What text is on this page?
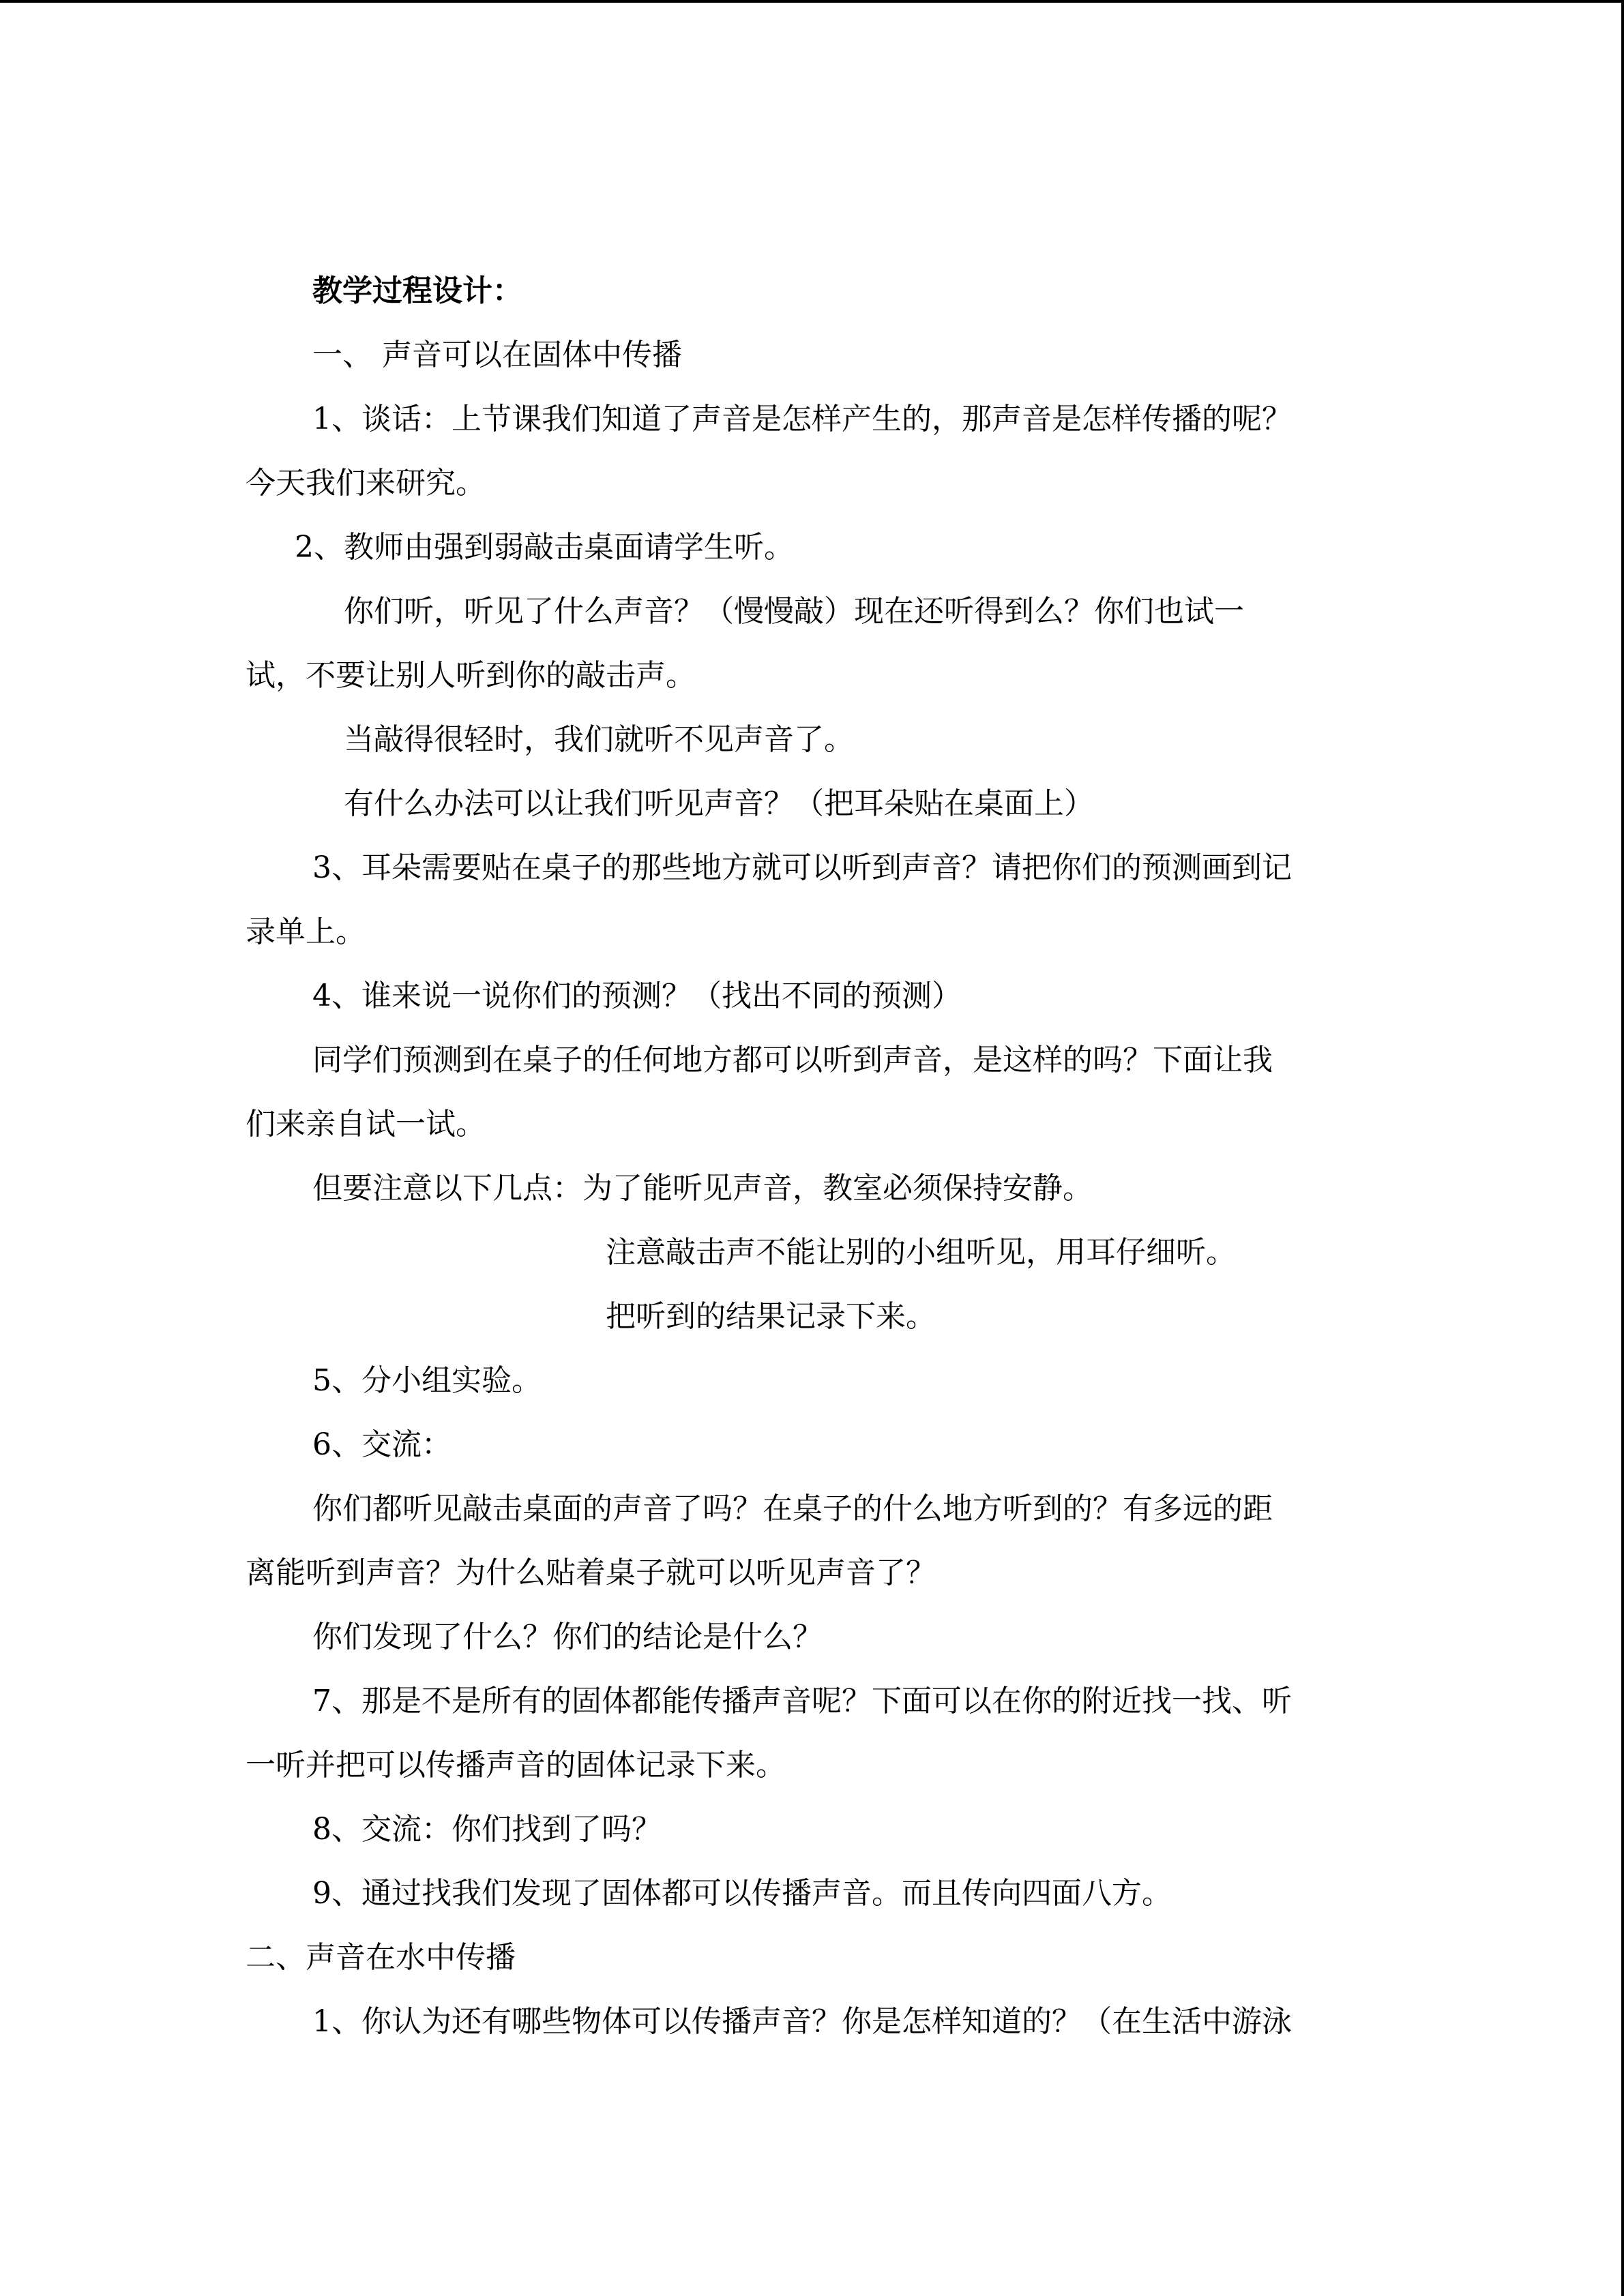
教学过程设计：
一、 声音可以在固体中传播
1、谈话：上节课我们知道了声音是怎样产生的，那声音是怎样传播的呢？
今天我们来研究。
2、教师由强到弱敲击桌面请学生听。
你们听，听见了什么声音？（慢慢敲）现在还听得到么？你们也试一
试，不要让别人听到你的敲击声。
当敲得很轻时，我们就听不见声音了。
有什么办法可以让我们听见声音？（把耳朵贴在桌面上）
3、耳朵需要贴在桌子的那些地方就可以听到声音？请把你们的预测画到记
录单上。
4、谁来说一说你们的预测？（找出不同的预测）
同学们预测到在桌子的任何地方都可以听到声音，是这样的吗？下面让我
们来亲自试一试。
但要注意以下几点：为了能听见声音，教室必须保持安静。
注意敲击声不能让别的小组听见，用耳仔细听。
把听到的结果记录下来。
5、分小组实验。
6、交流：
你们都听见敲击桌面的声音了吗？在桌子的什么地方听到的？有多远的距
离能听到声音？为什么贴着桌子就可以听见声音了？
你们发现了什么？你们的结论是什么？
7、那是不是所有的固体都能传播声音呢？下面可以在你的附近找一找、听
一听并把可以传播声音的固体记录下来。
8、交流：你们找到了吗？
9、通过找我们发现了固体都可以传播声音。而且传向四面八方。
二、声音在水中传播
1、你认为还有哪些物体可以传播声音？你是怎样知道的？（在生活中游泳
